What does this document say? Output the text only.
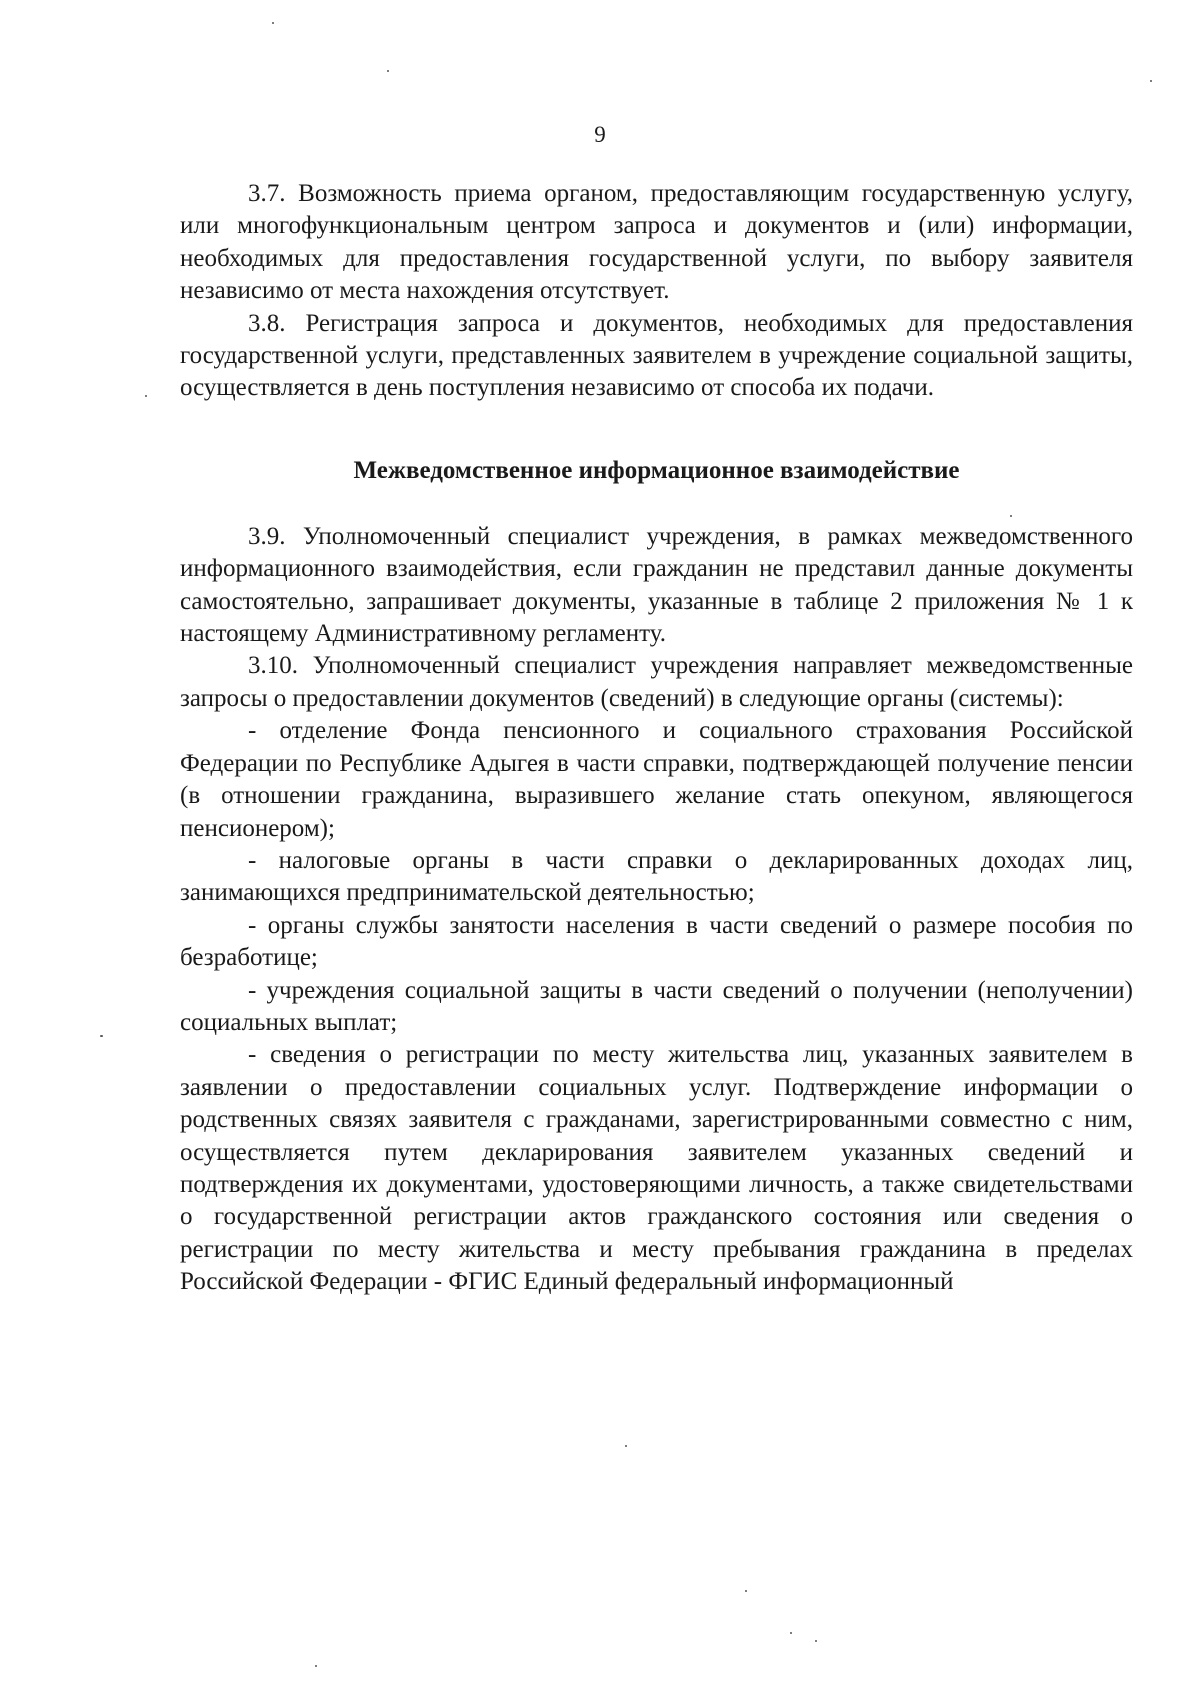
9

3.7. Возможность приема органом, предоставляющим государственную услугу, или многофункциональным центром запроса и документов и (или) информации, необходимых для предоставления государственной услуги, по выбору заявителя независимо от места нахождения отсутствует.

3.8. Регистрация запроса и документов, необходимых для предоставления государственной услуги, представленных заявителем в учреждение социальной защиты, осуществляется в день поступления независимо от способа их подачи.

Межведомственное информационное взаимодействие

3.9. Уполномоченный специалист учреждения, в рамках межведомственного информационного взаимодействия, если гражданин не представил данные документы самостоятельно, запрашивает документы, указанные в таблице 2 приложения № 1 к настоящему Административному регламенту.

3.10. Уполномоченный специалист учреждения направляет межведомственные запросы о предоставлении документов (сведений) в следующие органы (системы):

- отделение Фонда пенсионного и социального страхования Российской Федерации по Республике Адыгея в части справки, подтверждающей получение пенсии (в отношении гражданина, выразившего желание стать опекуном, являющегося пенсионером);

- налоговые органы в части справки о декларированных доходах лиц, занимающихся предпринимательской деятельностью;

- органы службы занятости населения в части сведений о размере пособия по безработице;

- учреждения социальной защиты в части сведений о получении (неполучении) социальных выплат;

- сведения о регистрации по месту жительства лиц, указанных заявителем в заявлении о предоставлении социальных услуг. Подтверждение информации о родственных связях заявителя с гражданами, зарегистрированными совместно с ним, осуществляется путем декларирования заявителем указанных сведений и подтверждения их документами, удостоверяющими личность, а также свидетельствами о государственной регистрации актов гражданского состояния или сведения о регистрации по месту жительства и месту пребывания гражданина в пределах Российской Федерации - ФГИС Единый федеральный информационный
